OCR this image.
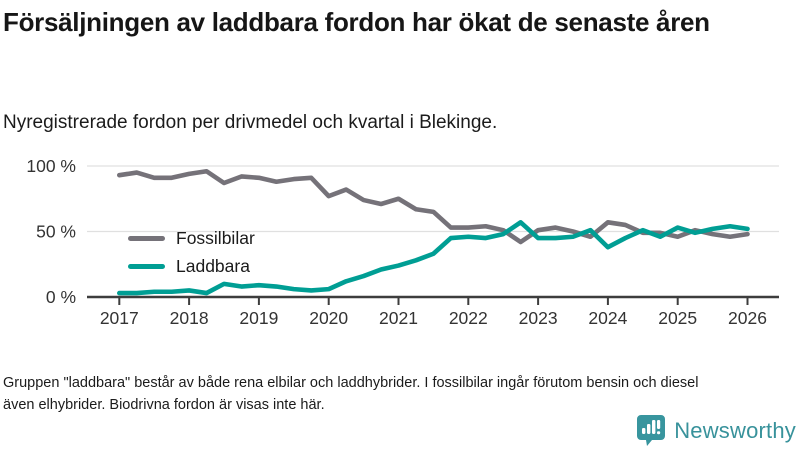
Försäljningen av laddbara fordon har ökat de senaste åren

Nyregistrerade fordon per drivmedel och kvartal i Blekinge.

0 %
50 %
100 %
2017 2018 2019 2020 2021 2022 2023 2024 2025 2026
Fossilbilar
Laddbara

Gruppen "laddbara" består av både rena elbilar och laddhybrider. I fossilbilar ingår förutom bensin och diesel även elhybrider. Biodrivna fordon är visas inte här.

Newsworthy
